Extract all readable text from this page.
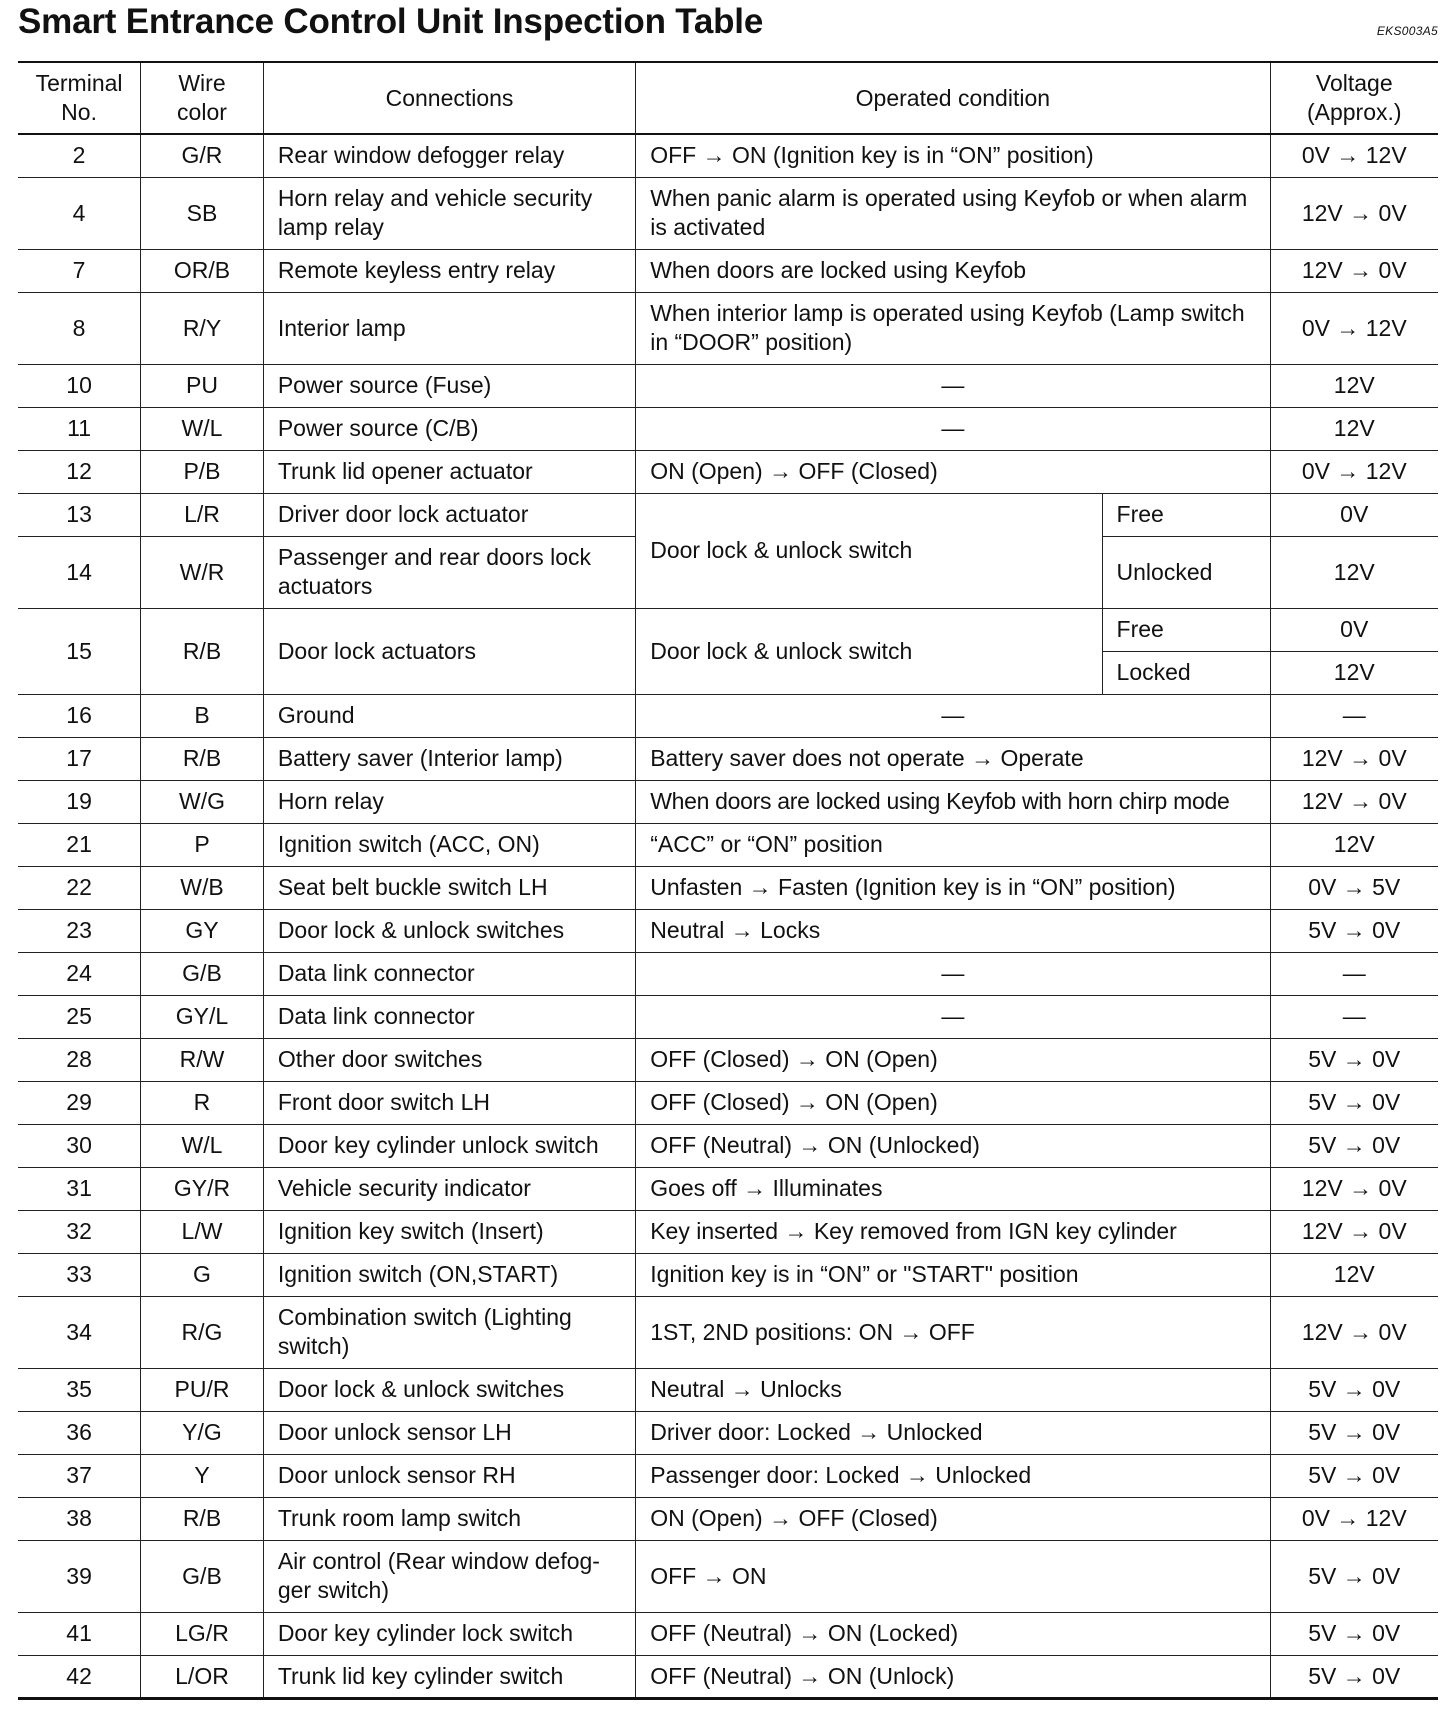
Smart Entrance Control Unit Inspection Table	EKS003A5
Terminal No.	Wire color	Connections	Operated condition		Voltage (Approx.)
2	G/R	Rear window defogger relay	OFF → ON (Ignition key is in “ON” position)		0V → 12V
4	SB	Horn relay and vehicle security lamp relay	When panic alarm is operated using Keyfob or when alarm is activated		12V → 0V
7	OR/B	Remote keyless entry relay	When doors are locked using Keyfob		12V → 0V
8	R/Y	Interior lamp	When interior lamp is operated using Keyfob (Lamp switch in “DOOR” position)		0V → 12V
10	PU	Power source (Fuse)	—		12V
11	W/L	Power source (C/B)	—		12V
12	P/B	Trunk lid opener actuator	ON (Open) → OFF (Closed)		0V → 12V
13	L/R	Driver door lock actuator	Door lock & unlock switch	Free	0V
14	W/R	Passenger and rear doors lock actuators		Unlocked	12V
15	R/B	Door lock actuators	Door lock & unlock switch	Free	0V
				Locked	12V
16	B	Ground	—		—
17	R/B	Battery saver (Interior lamp)	Battery saver does not operate → Operate		12V → 0V
19	W/G	Horn relay	When doors are locked using Keyfob with horn chirp mode		12V → 0V
21	P	Ignition switch (ACC, ON)	“ACC” or “ON” position		12V
22	W/B	Seat belt buckle switch LH	Unfasten → Fasten (Ignition key is in “ON” position)		0V → 5V
23	GY	Door lock & unlock switches	Neutral → Locks		5V → 0V
24	G/B	Data link connector	—		—
25	GY/L	Data link connector	—		—
28	R/W	Other door switches	OFF (Closed) → ON (Open)		5V → 0V
29	R	Front door switch LH	OFF (Closed) → ON (Open)		5V → 0V
30	W/L	Door key cylinder unlock switch	OFF (Neutral) → ON (Unlocked)		5V → 0V
31	GY/R	Vehicle security indicator	Goes off → Illuminates		12V → 0V
32	L/W	Ignition key switch (Insert)	Key inserted → Key removed from IGN key cylinder		12V → 0V
33	G	Ignition switch (ON,START)	Ignition key is in “ON” or "START" position		12V
34	R/G	Combination switch (Lighting switch)	1ST, 2ND positions: ON → OFF		12V → 0V
35	PU/R	Door lock & unlock switches	Neutral → Unlocks		5V → 0V
36	Y/G	Door unlock sensor LH	Driver door: Locked → Unlocked		5V → 0V
37	Y	Door unlock sensor RH	Passenger door: Locked → Unlocked		5V → 0V
38	R/B	Trunk room lamp switch	ON (Open) → OFF (Closed)		0V → 12V
39	G/B	Air control (Rear window defog-ger switch)	OFF → ON		5V → 0V
41	LG/R	Door key cylinder lock switch	OFF (Neutral) → ON (Locked)		5V → 0V
42	L/OR	Trunk lid key cylinder switch	OFF (Neutral) → ON (Unlock)		5V → 0V
